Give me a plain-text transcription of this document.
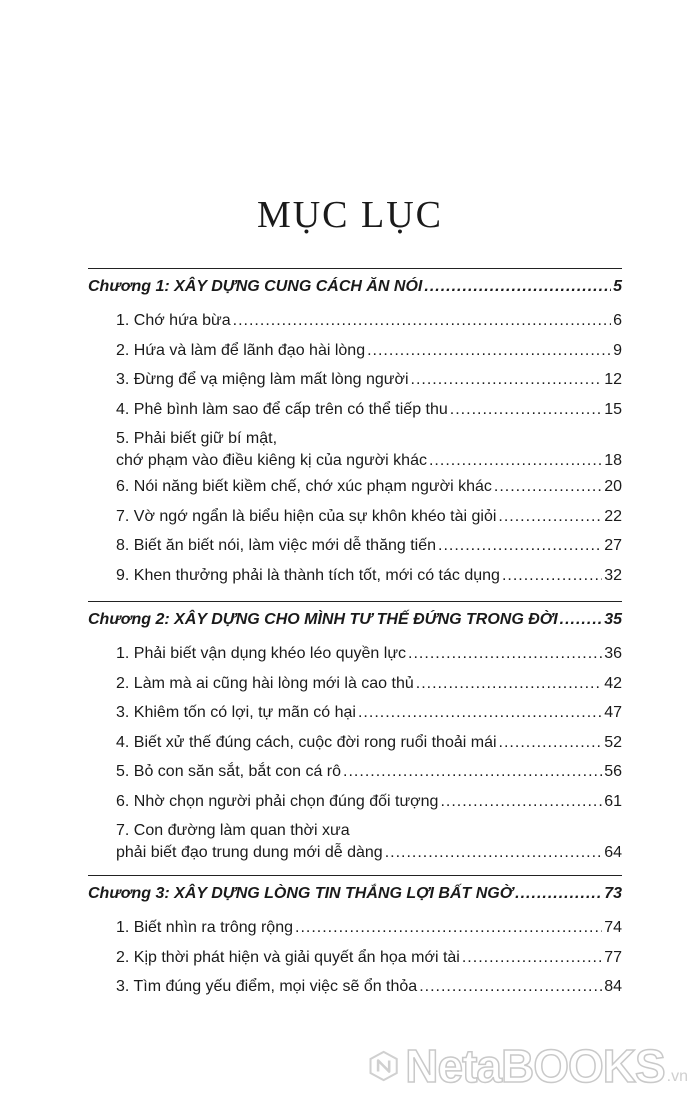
MỤC LỤC
Chương 1: XÂY DỰNG CUNG CÁCH ĂN NÓI .....	5
1. Chớ hứa bừa .....	6
2. Hứa và làm để lãnh đạo hài lòng .....	9
3. Đừng để vạ miệng làm mất lòng người .....	12
4. Phê bình làm sao để cấp trên có thể tiếp thu .....	15
5. Phải biết giữ bí mật,
chớ phạm vào điều kiêng kị của người khác .....	18
6. Nói năng biết kiềm chế, chớ xúc phạm người khác .....	20
7. Vờ ngớ ngẩn là biểu hiện của sự khôn khéo tài giỏi .....	22
8. Biết ăn biết nói, làm việc mới dễ thăng tiến .....	27
9. Khen thưởng phải là thành tích tốt, mới có tác dụng .....	32
Chương 2: XÂY DỰNG CHO MÌNH TƯ THẾ ĐỨNG TRONG ĐỜI .....	35
1. Phải biết vận dụng khéo léo quyền lực .....	36
2. Làm mà ai cũng hài lòng mới là cao thủ .....	42
3. Khiêm tốn có lợi, tự mãn có hại .....	47
4. Biết xử thế đúng cách, cuộc đời rong ruổi thoải mái .....	52
5. Bỏ con săn sắt, bắt con cá rô .....	56
6. Nhờ chọn người phải chọn đúng đối tượng .....	61
7. Con đường làm quan thời xưa
phải biết đạo trung dung mới dễ dàng .....	64
Chương 3: XÂY DỰNG LÒNG TIN THẮNG LỢI BẤT NGỜ .....	73
1. Biết nhìn ra trông rộng .....	74
2. Kịp thời phát hiện và giải quyết ẩn họa mới tài .....	77
3. Tìm đúng yếu điểm, mọi việc sẽ ổn thỏa .....	84
NetaBOOKS .vn
